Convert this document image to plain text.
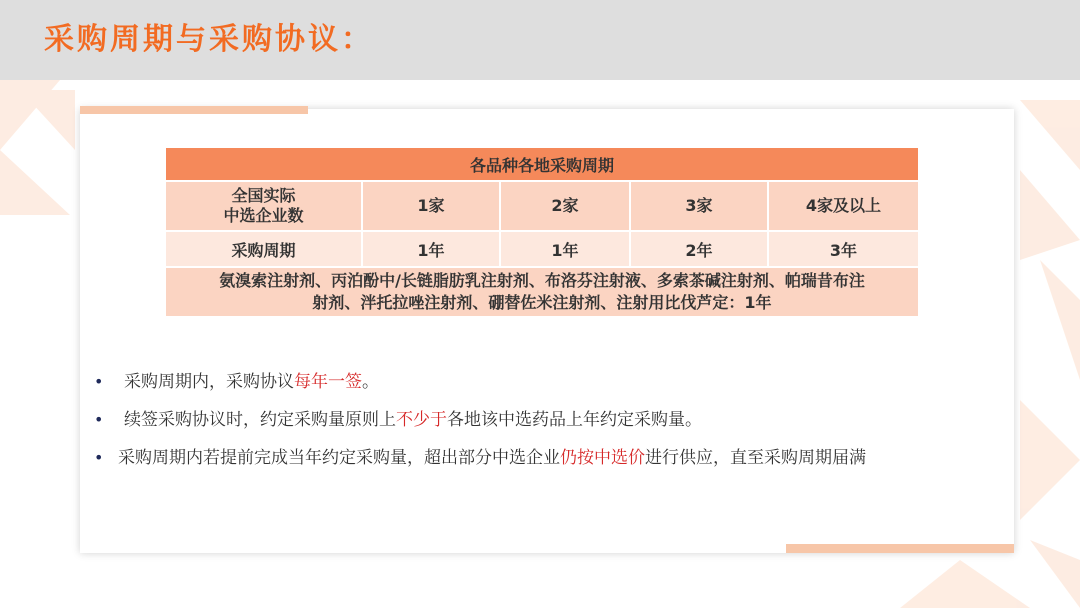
采购周期与采购协议：
各品种各地采购周期				

全国实际
中选企业数	1家	2家	3家	4家及以上
采购周期	1年	1年	2年	3年

氨溴索注射剂、丙泊酚中/长链脂肪乳注射剂、布洛芬注射液、多索茶碱注射剂、帕瑞昔布注
射剂、泮托拉唑注射剂、硼替佐米注射剂、注射用比伐芦定：1年				
• 采购周期内，采购协议每年一签。
• 续签采购协议时，约定采购量原则上不少于各地该中选药品上年约定采购量。
• 采购周期内若提前完成当年约定采购量，超出部分中选企业仍按中选价进行供应，直至采购周期届满
